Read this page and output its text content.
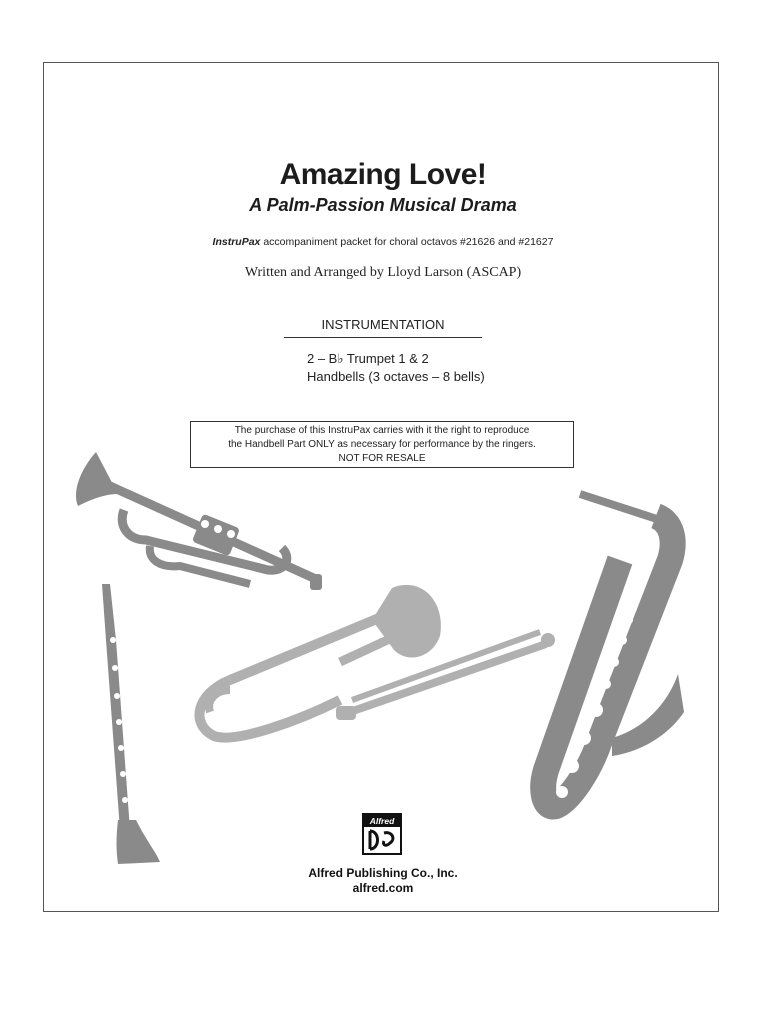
Amazing Love!
A Palm-Passion Musical Drama
InstruPax accompaniment packet for choral octavos #21626 and #21627
Written and Arranged by Lloyd Larson (ASCAP)
INSTRUMENTATION
2 – B♭ Trumpet 1 & 2
Handbells (3 octaves – 8 bells)
The purchase of this InstruPax carries with it the right to reproduce
the Handbell Part ONLY as necessary for performance by the ringers.
NOT FOR RESALE
Alfred
Alfred Publishing Co., Inc.
alfred.com
